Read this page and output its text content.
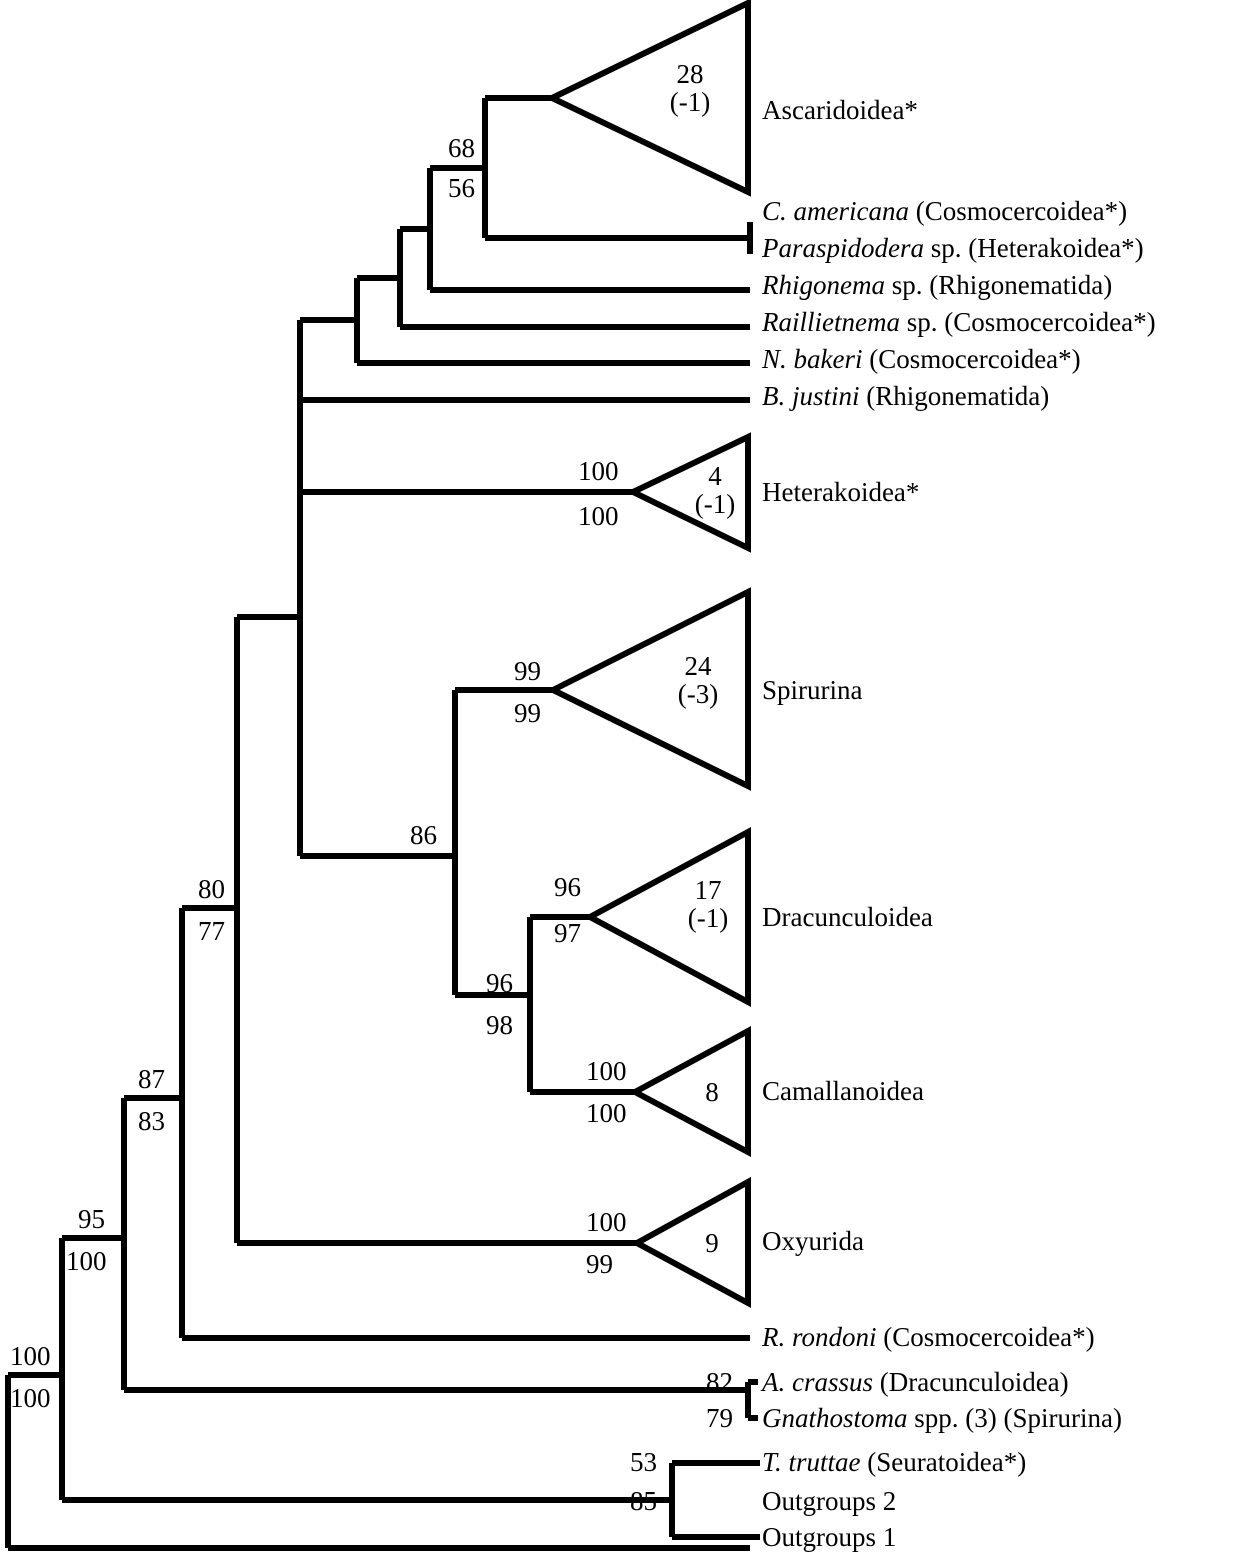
Ascaridoidea*
C. americana (Cosmocercoidea*)
Paraspidodera sp. (Heterakoidea*)
Rhigonema sp. (Rhigonematida)
Raillietnema sp. (Cosmocercoidea*)
N. bakeri (Cosmocercoidea*)
B. justini (Rhigonematida)
Heterakoidea*
Spirurina
Dracunculoidea
Camallanoidea
Oxyurida
R. rondoni (Cosmocercoidea*)
A. crassus (Dracunculoidea)
Gnathostoma spp. (3) (Spirurina)
T. truttae (Seuratoidea*)
Outgroups 2
Outgroups 1
28
(-1)
4
(-1)
24
(-3)
17
(-1)
8
9
68
56
100
100
99
99
86
96
97
96
98
100
100
80
77
87
83
100
99
95
100
100
100
82
79
53
85
